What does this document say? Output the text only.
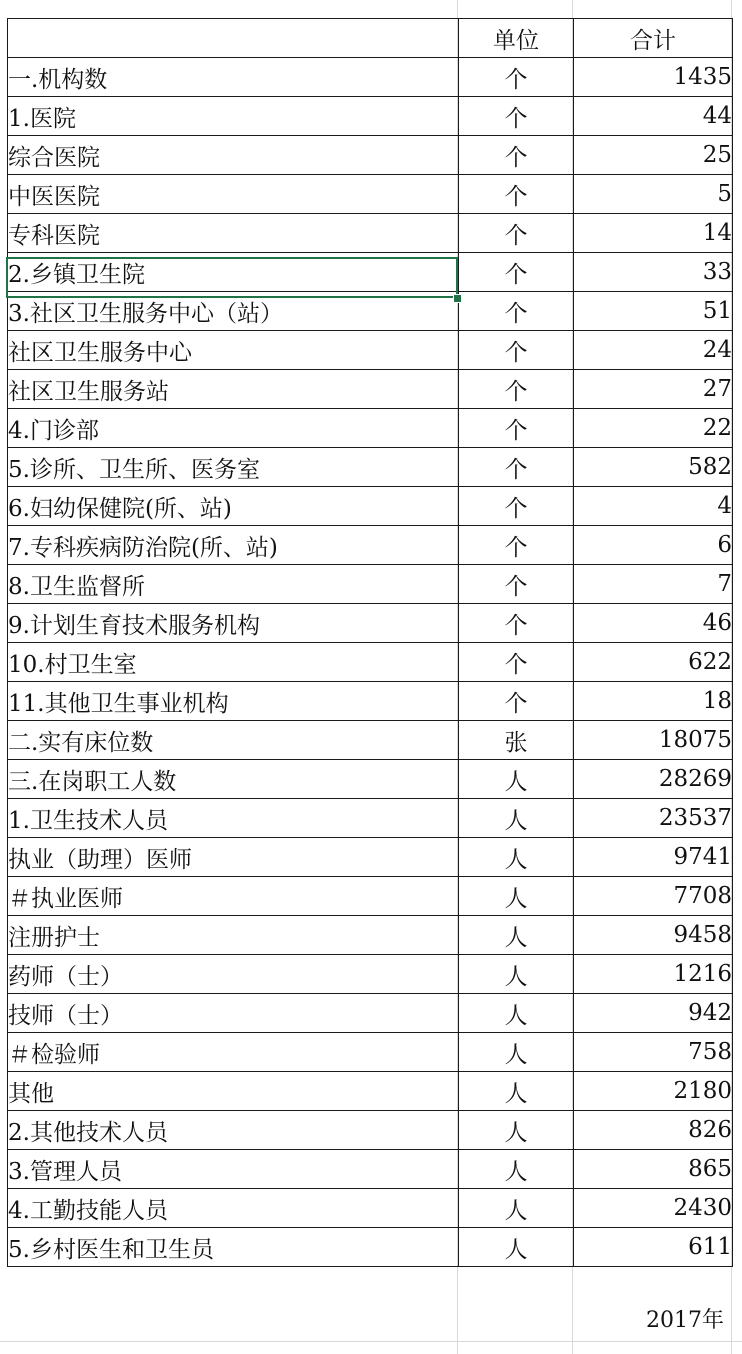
	单位	合计
一.机构数	个	1435
1.医院	个	44
综合医院	个	25
中医医院	个	5
专科医院	个	14
2.乡镇卫生院	个	33
3.社区卫生服务中心（站）	个	51
社区卫生服务中心	个	24
社区卫生服务站	个	27
4.门诊部	个	22
5.诊所、卫生所、医务室	个	582
6.妇幼保健院(所、站)	个	4
7.专科疾病防治院(所、站)	个	6
8.卫生监督所	个	7
9.计划生育技术服务机构	个	46
10.村卫生室	个	622
11.其他卫生事业机构	个	18
二.实有床位数	张	18075
三.在岗职工人数	人	28269
1.卫生技术人员	人	23537
执业（助理）医师	人	9741
＃执业医师	人	7708
注册护士	人	9458
药师（士）	人	1216
技师（士）	人	942
＃检验师	人	758
其他	人	2180
2.其他技术人员	人	826
3.管理人员	人	865
4.工勤技能人员	人	2430
5.乡村医生和卫生员	人	611
2017年
